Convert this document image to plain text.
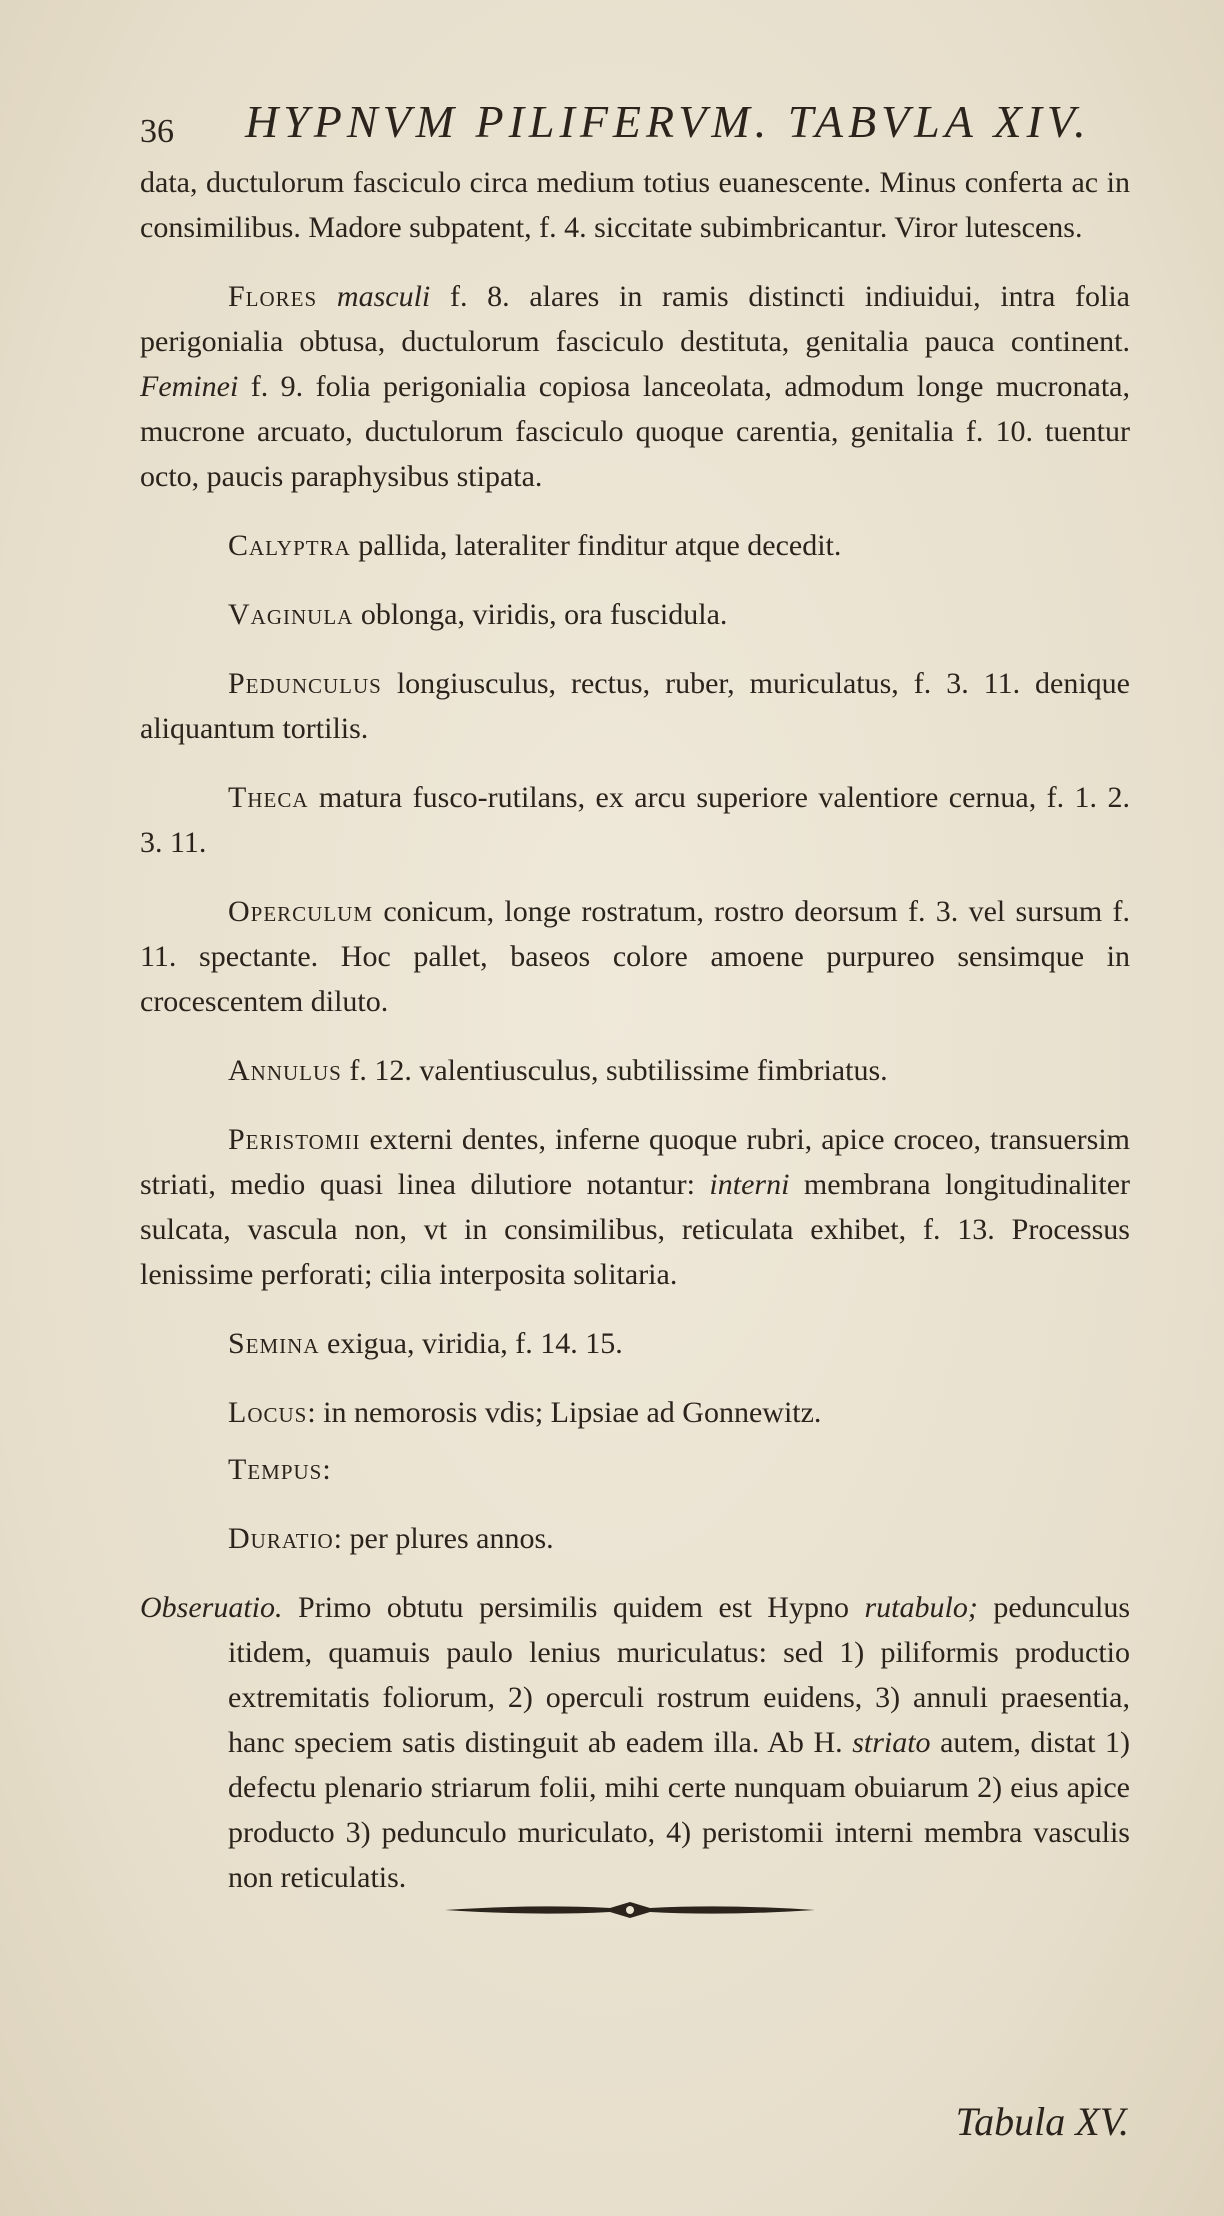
36 HYPNVM PILIFERVM. TABVLA XIV.

data, ductulorum fasciculo circa medium totius euanescente. Minus conferta ac in consimilibus. Madore subpatent, f. 4. siccitate subimbricantur. Viror lutescens.

Flores masculi f. 8. alares in ramis distincti indiuidui, intra folia perigonialia obtusa, ductulorum fasciculo destituta, genitalia pauca continent. Feminei f. 9. folia perigonialia copiosa lanceolata, admodum longe mucronata, mucrone arcuato, ductulorum fasciculo quoque carentia, genitalia f. 10. tuentur octo, paucis paraphysibus stipata.

Calyptra pallida, lateraliter finditur atque decedit.

Vaginula oblonga, viridis, ora fuscidula.

Pedunculus longiusculus, rectus, ruber, muriculatus, f. 3. 11. denique aliquantum tortilis.

Theca matura fusco-rutilans, ex arcu superiore valentiore cernua, f. 1. 2. 3. 11.

Operculum conicum, longe rostratum, rostro deorsum f. 3. vel sursum f. 11. spectante. Hoc pallet, baseos colore amoene purpureo sensimque in crocescentem diluto.

Annulus f. 12. valentiusculus, subtilissime fimbriatus.

Peristomii externi dentes, inferne quoque rubri, apice croceo, transuersim striati, medio quasi linea dilutiore notantur: interni membrana longitudinaliter sulcata, vascula non, vt in consimilibus, reticulata exhibet, f. 13. Processus lenissime perforati; cilia interposita solitaria.

Semina exigua, viridia, f. 14. 15.

Locus: in nemorosis vdis; Lipsiae ad Gonnewitz.

Tempus:

Duratio: per plures annos.

Obseruatio. Primo obtutu persimilis quidem est Hypno rutabulo; pedunculus itidem, quamuis paulo lenius muriculatus: sed 1) piliformis productio extremitatis foliorum, 2) operculi rostrum euidens, 3) annuli praesentia, hanc speciem satis distinguit ab eadem illa. Ab H. striato autem, distat 1) defectu plenario striarum folii, mihi certe nunquam obuiarum 2) eius apice producto 3) pedunculo muriculato, 4) peristomii interni membra vasculis non reticulatis.

Tabula XV.
